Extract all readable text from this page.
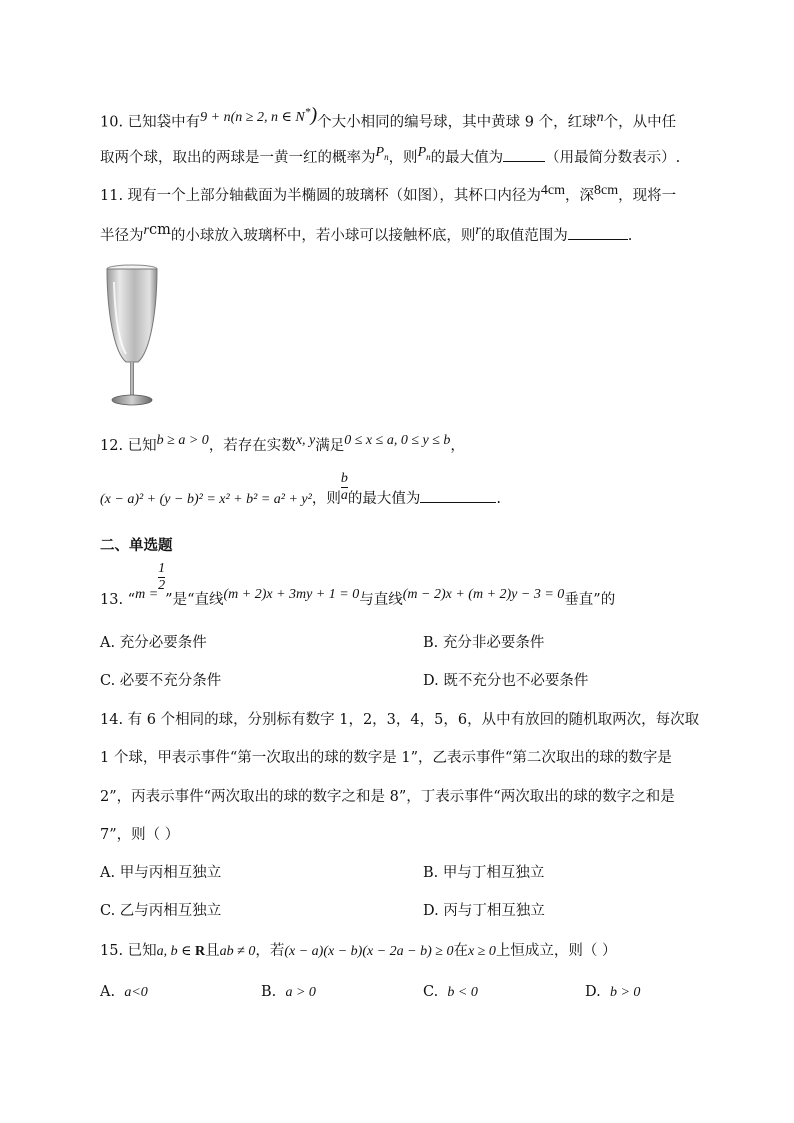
10. 已知袋中有9 + n(n ≥ 2, n ∈ N*)个大小相同的编号球，其中黄球 9 个，红球n个，从中任
取两个球，取出的两球是一黄一红的概率为$P_n$，则$P_n$的最大值为	（用最简分数表示）.
11. 现有一个上部分轴截面为半椭圆的玻璃杯（如图），其杯口内径为4cm，深8cm，现将一
半径为rcm的小球放入玻璃杯中，若小球可以接触杯底，则r的取值范围为	.
12. 已知b ≥ a > 0，若存在实数x, y满足0 ≤ x ≤ a, 0 ≤ y ≤ b，
(x − a)² + (y − b)² = x² + b² = a² + y²，则 $\frac{b}{a}$ 的最大值为	.
二、单选题
13. “m =
$\frac{1}{2}$
”是“直线(m + 2)x + 3my + 1 = 0与直线(m − 2)x + (m + 2)y − 3 = 0垂直”的
A. 充分必要条件	B. 充分非必要条件
C. 必要不充分条件	D. 既不充分也不必要条件
14. 有 6 个相同的球，分别标有数字 1，2，3，4，5，6，从中有放回的随机取两次，每次取
1 个球，甲表示事件“第一次取出的球的数字是 1”，乙表示事件“第二次取出的球的数字是
2”，丙表示事件“两次取出的球的数字之和是 8”，丁表示事件“两次取出的球的数字之和是
7”，则（ ）
A. 甲与丙相互独立	B. 甲与丁相互独立
C. 乙与丙相互独立	D. 丙与丁相互独立
15. 已知a, b ∈ R且ab ≠ 0，若(x − a)(x − b)(x − 2a − b) ≥ 0在x ≥ 0上恒成立，则（ ）
A. a<0	B. a > 0	C. b < 0	D. b > 0
